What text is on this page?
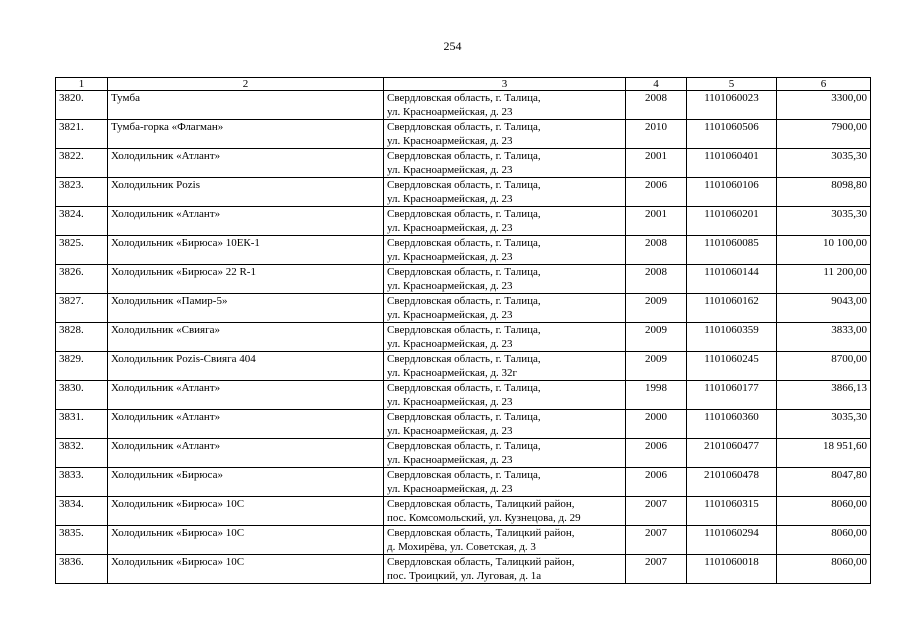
254
1	2	3	4	5	6

3820.	Тумба	Свердловская область, г. Талица,
ул. Красноармейская, д. 23	2008	1101060023	3300,00

3821.	Тумба-горка «Флагман»	Свердловская область, г. Талица,
ул. Красноармейская, д. 23	2010	1101060506	7900,00

3822.	Холодильник «Атлант»	Свердловская область, г. Талица,
ул. Красноармейская, д. 23	2001	1101060401	3035,30

3823.	Холодильник Pozis	Свердловская область, г. Талица,
ул. Красноармейская, д. 23	2006	1101060106	8098,80

3824.	Холодильник «Атлант»	Свердловская область, г. Талица,
ул. Красноармейская, д. 23	2001	1101060201	3035,30

3825.	Холодильник «Бирюса» 10ЕК-1	Свердловская область, г. Талица,
ул. Красноармейская, д. 23	2008	1101060085	10 100,00

3826.	Холодильник «Бирюса» 22 R-1	Свердловская область, г. Талица,
ул. Красноармейская, д. 23	2008	1101060144	11 200,00

3827.	Холодильник «Памир-5»	Свердловская область, г. Талица,
ул. Красноармейская, д. 23	2009	1101060162	9043,00

3828.	Холодильник «Свияга»	Свердловская область, г. Талица,
ул. Красноармейская, д. 23	2009	1101060359	3833,00

3829.	Холодильник Pozis-Свияга 404	Свердловская область, г. Талица,
ул. Красноармейская, д. 32г	2009	1101060245	8700,00

3830.	Холодильник «Атлант»	Свердловская область, г. Талица,
ул. Красноармейская, д. 23	1998	1101060177	3866,13

3831.	Холодильник «Атлант»	Свердловская область, г. Талица,
ул. Красноармейская, д. 23	2000	1101060360	3035,30

3832.	Холодильник «Атлант»	Свердловская область, г. Талица,
ул. Красноармейская, д. 23	2006	2101060477	18 951,60

3833.	Холодильник «Бирюса»	Свердловская область, г. Талица,
ул. Красноармейская, д. 23	2006	2101060478	8047,80

3834.	Холодильник «Бирюса» 10С	Свердловская область, Талицкий район,
пос. Комсомольский, ул. Кузнецова, д. 29	2007	1101060315	8060,00

3835.	Холодильник «Бирюса» 10С	Свердловская область, Талицкий район,
д. Мохирёва, ул. Советская, д. 3	2007	1101060294	8060,00

3836.	Холодильник «Бирюса» 10С	Свердловская область, Талицкий район,
пос. Троицкий, ул. Луговая, д. 1а	2007	1101060018	8060,00
